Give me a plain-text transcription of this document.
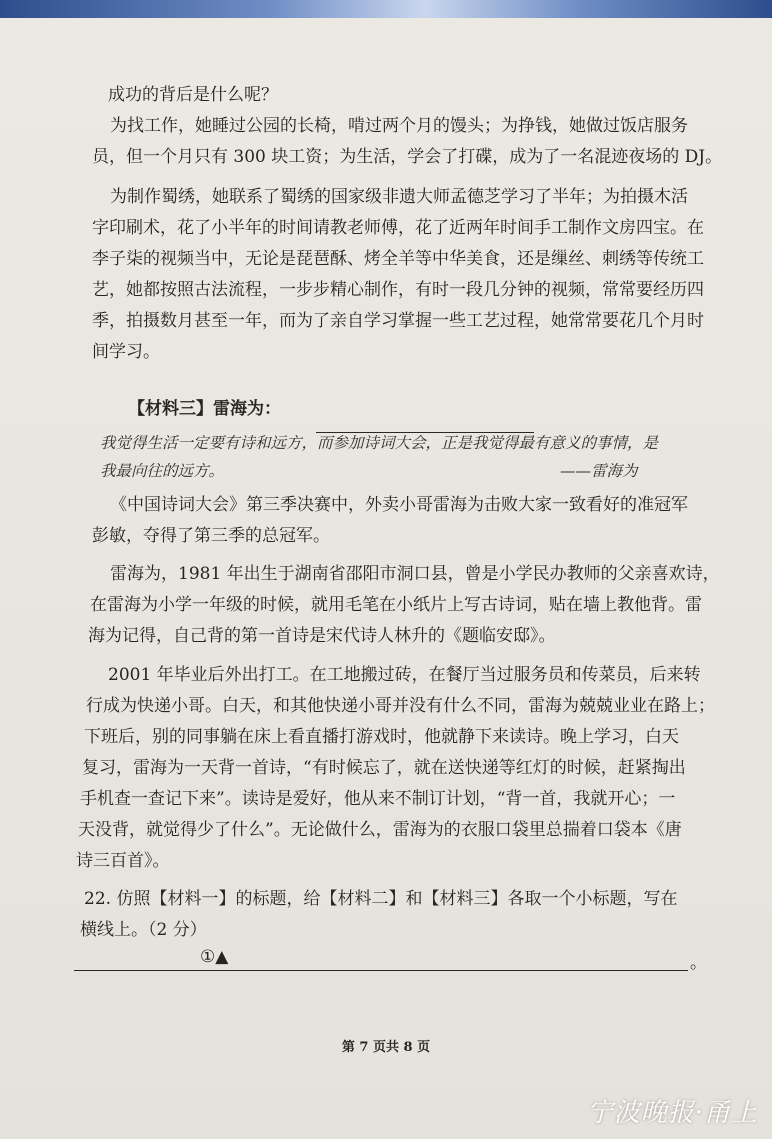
成功的背后是什么呢？
为找工作，她睡过公园的长椅，啃过两个月的馒头；为挣钱，她做过饭店服务
员，但一个月只有 300 块工资；为生活，学会了打碟，成为了一名混迹夜场的 DJ。
为制作蜀绣，她联系了蜀绣的国家级非遗大师孟德芝学习了半年；为拍摄木活
字印刷术，花了小半年的时间请教老师傅，花了近两年时间手工制作文房四宝。在
李子柒的视频当中，无论是琵琶酥、烤全羊等中华美食，还是缫丝、刺绣等传统工
艺，她都按照古法流程，一步步精心制作，有时一段几分钟的视频，常常要经历四
季，拍摄数月甚至一年，而为了亲自学习掌握一些工艺过程，她常常要花几个月时
间学习。
【材料三】雷海为：
我觉得生活一定要有诗和远方，而参加诗词大会，正是我觉得最有意义的事情，是
我最向往的远方。	——雷海为
《中国诗词大会》第三季决赛中，外卖小哥雷海为击败大家一致看好的准冠军
彭敏，夺得了第三季的总冠军。
雷海为，1981 年出生于湖南省邵阳市洞口县，曾是小学民办教师的父亲喜欢诗，
在雷海为小学一年级的时候，就用毛笔在小纸片上写古诗词，贴在墙上教他背。雷
海为记得，自己背的第一首诗是宋代诗人林升的《题临安邸》。
2001 年毕业后外出打工。在工地搬过砖，在餐厅当过服务员和传菜员，后来转
行成为快递小哥。白天，和其他快递小哥并没有什么不同，雷海为兢兢业业在路上；
下班后，别的同事躺在床上看直播打游戏时，他就静下来读诗。晚上学习，白天
复习，雷海为一天背一首诗，“有时候忘了，就在送快递等红灯的时候，赶紧掏出
手机查一查记下来”。读诗是爱好，他从来不制订计划，“背一首，我就开心；一
天没背，就觉得少了什么”。无论做什么，雷海为的衣服口袋里总揣着口袋本《唐
诗三百首》。
22. 仿照【材料一】的标题，给【材料二】和【材料三】各取一个小标题，写在
横线上。（2 分）
①▲	。
第 7 页共 8 页
宁波晚报·甬上
